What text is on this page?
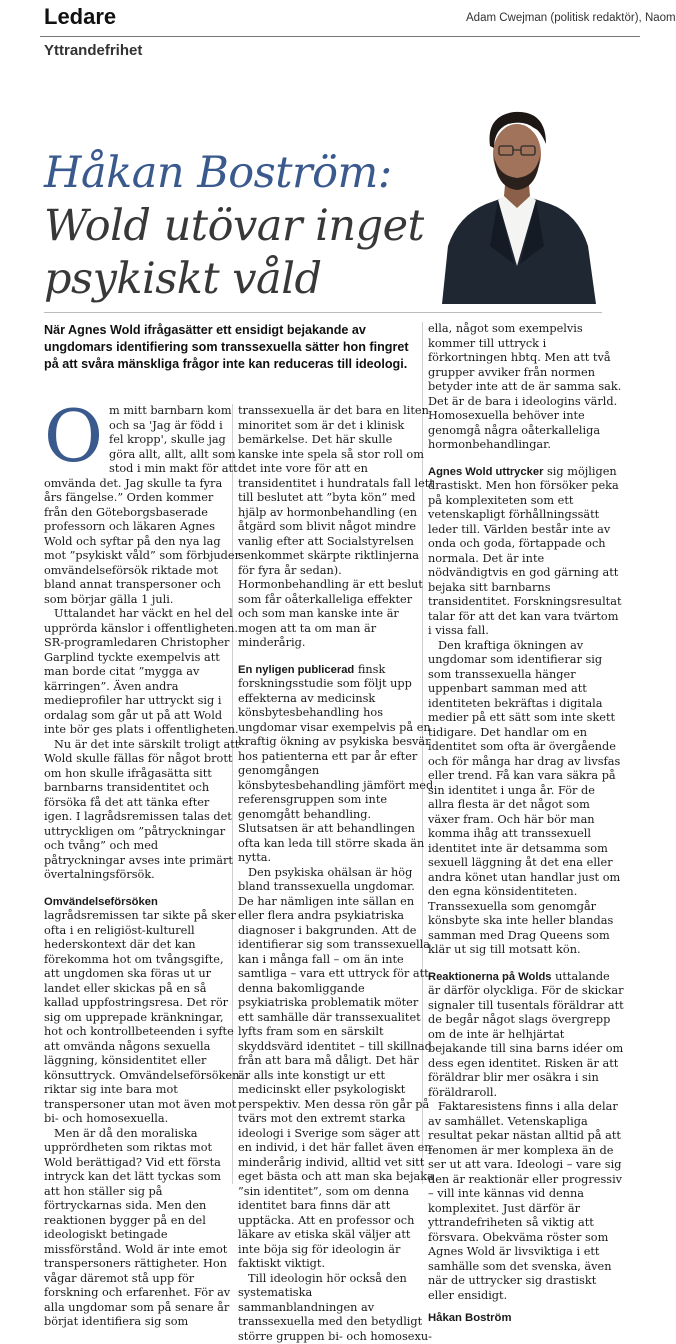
Ledare	Adam Cwejman (politisk redaktör), Naom
Yttrandefrihet
Håkan Boström:
Wold utövar inget
psykiskt våld
När Agnes Wold ifrågasätter ett ensidigt bejakande av ungdomars identifiering som transsexuella sätter hon fingret på att svåra mänskliga frågor inte kan reduceras till ideologi.
O m mitt barnbarn kom och sa 'Jag är född i fel kropp', skulle jag göra allt, allt, allt som stod i min makt för att omvända det. Jag skulle ta fyra års fängelse.” Orden kommer från den Göteborgsbaserade professorn och läkaren Agnes Wold och syftar på den nya lag mot ”psykiskt våld” som förbjuder omvändelseförsök riktade mot bland annat transpersoner och som börjar gälla 1 juli.

Uttalandet har väckt en hel del upprörda känslor i offentligheten. SR-programledaren Christopher Garplind tyckte exempelvis att man borde citat ”mygga av kärringen”. Även andra medieprofiler har uttryckt sig i ordalag som går ut på att Wold inte bör ges plats i offentligheten.

Nu är det inte särskilt troligt att Wold skulle fällas för något brott om hon skulle ifrågasätta sitt barnbarns transidentitet och försöka få det att tänka efter igen. I lagrådsremissen talas det uttryckligen om ”påtryckningar och tvång” och med påtryckningar avses inte primärt övertalningsförsök.

Omvändelseförsöken lagrådsremissen tar sikte på sker ofta i en religiöst-kulturell hederskontext där det kan förekomma hot om tvångsgifte, att ungdomen ska föras ut ur landet eller skickas på en så kallad uppfostringsresa. Det rör sig om upprepade kränkningar, hot och kontrollbeteenden i syfte att omvända någons sexuella läggning, könsidentitet eller könsuttryck. Omvändelseförsöken riktar sig inte bara mot transpersoner utan mot även mot bi- och homosexuella.

Men är då den moraliska upprördheten som riktas mot Wold berättigad? Vid ett första intryck kan det lätt tyckas som att hon ställer sig på förtryckarnas sida. Men den reaktionen bygger på en del ideologiskt betingade missförstånd. Wold är inte emot transpersoners rättigheter. Hon vågar däremot stå upp för forskning och erfarenhet. För av alla ungdomar som på senare år börjat identifiera sig som

transsexuella är det bara en liten minoritet som är det i klinisk bemärkelse. Det här skulle kanske inte spela så stor roll om det inte vore för att en transidentitet i hundratals fall lett till beslutet att ”byta kön” med hjälp av hormonbehandling (en åtgärd som blivit något mindre vanlig efter att Socialstyrelsen senkommet skärpte riktlinjerna för fyra år sedan). Hormonbehandling är ett beslut som får oåterkalleliga effekter och som man kanske inte är mogen att ta om man är minderårig.

En nyligen publicerad finsk forskningsstudie som följt upp effekterna av medicinsk könsbytesbehandling hos ungdomar visar exempelvis på en kraftig ökning av psykiska besvär hos patienterna ett par år efter genomgången könsbytesbehandling jämfört med referensgruppen som inte genomgått behandling. Slutsatsen är att behandlingen ofta kan leda till större skada än nytta.

Den psykiska ohälsan är hög bland transsexuella ungdomar. De har nämligen inte sällan en eller flera andra psykiatriska diagnoser i bakgrunden. Att de identifierar sig som transsexuella kan i många fall – om än inte samtliga – vara ett uttryck för att denna bakomliggande psykiatriska problematik möter ett samhälle där transsexualitet lyfts fram som en särskilt skyddsvärd identitet – till skillnad från att bara må dåligt. Det här är alls inte konstigt ur ett medicinskt eller psykologiskt perspektiv. Men dessa rön går på tvärs mot den extremt starka ideologi i Sverige som säger att en individ, i det här fallet även en minderårig individ, alltid vet sitt eget bästa och att man ska bejaka ”sin identitet”, som om denna identitet bara finns där att upptäcka. Att en professor och läkare av etiska skäl väljer att inte böja sig för ideologin är faktiskt viktigt.

Till ideologin hör också den systematiska sammanblandningen av transsexuella med den betydligt större gruppen bi- och homosexu-

ella, något som exempelvis kommer till uttryck i förkortningen hbtq. Men att två grupper avviker från normen betyder inte att de är samma sak. Det är de bara i ideologins värld. Homosexuella behöver inte genomgå några oåterkalleliga hormonbehandlingar.

Agnes Wold uttrycker sig möjligen drastiskt. Men hon försöker peka på komplexiteten som ett vetenskapligt förhållningssätt leder till. Världen består inte av onda och goda, förtappade och normala. Det är inte nödvändigtvis en god gärning att bejaka sitt barnbarns transidentitet. Forskningsresultat talar för att det kan vara tvärtom i vissa fall.

Den kraftiga ökningen av ungdomar som identifierar sig som transsexuella hänger uppenbart samman med att identiteten bekräftas i digitala medier på ett sätt som inte skett tidigare. Det handlar om en identitet som ofta är övergående och för många har drag av livsfas eller trend. Få kan vara säkra på sin identitet i unga år. För de allra flesta är det något som växer fram. Och här bör man komma ihåg att transsexuell identitet inte är detsamma som sexuell läggning åt det ena eller andra könet utan handlar just om den egna könsidentiteten. Transsexuella som genomgår könsbyte ska inte heller blandas samman med Drag Queens som klär ut sig till motsatt kön.

Reaktionerna på Wolds uttalande är därför olyckliga. För de skickar signaler till tusentals föräldrar att de begår något slags övergrepp om de inte är helhjärtat bejakande till sina barns idéer om dess egen identitet. Risken är att föräldrar blir mer osäkra i sin föräldraroll.

Faktaresistens finns i alla delar av samhället. Vetenskapliga resultat pekar nästan alltid på att fenomen är mer komplexa än de ser ut att vara. Ideologi – vare sig den är reaktionär eller progressiv – vill inte kännas vid denna komplexitet. Just därför är yttrandefriheten så viktig att försvara. Obekväma röster som Agnes Wold är livsviktiga i ett samhälle som det svenska, även när de uttrycker sig drastiskt eller ensidigt.

Håkan Boström
